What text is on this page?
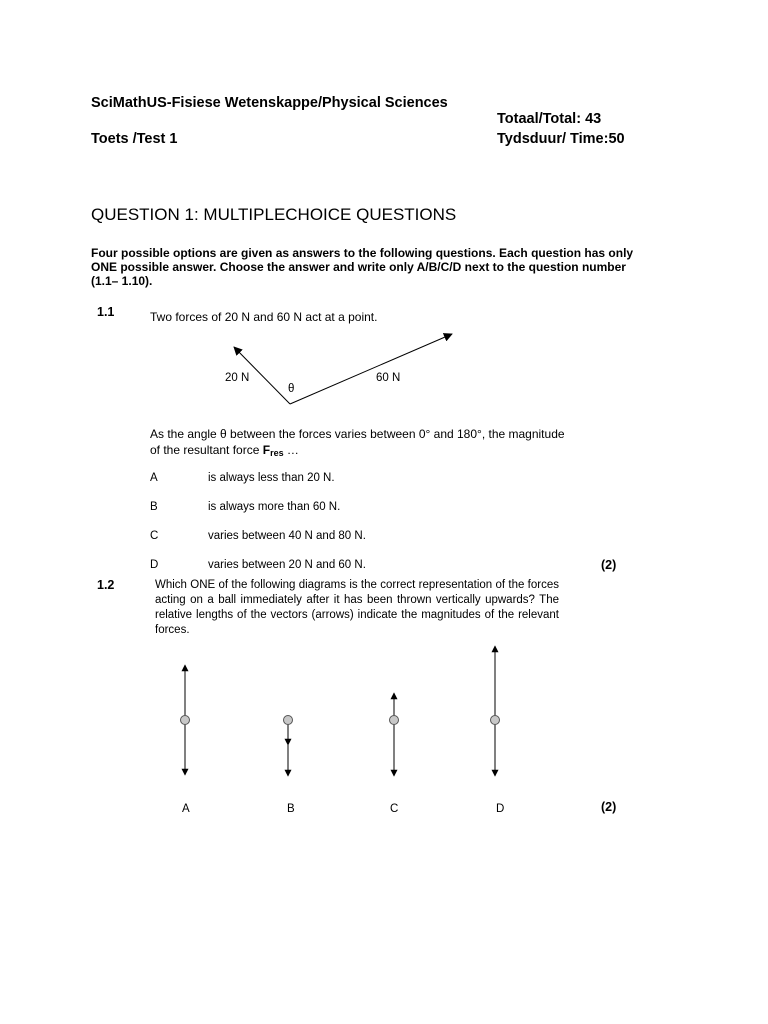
SciMathUS-Fisiese Wetenskappe/Physical Sciences
Totaal/Total: 43
Toets /Test 1	Tydsduur/ Time:50
QUESTION 1: MULTIPLECHOICE QUESTIONS
Four possible options are given as answers to the following questions. Each question has only ONE possible answer. Choose the answer and write only A/B/C/D next to the question number (1.1– 1.10).
1.1	Two forces of 20 N and 60 N act at a point.
20 N	60 N
θ
As the angle θ between the forces varies between 0° and 180°, the magnitude
of the resultant force Fres …
A	is always less than 20 N.
B	is always more than 60 N.
C	varies between 40 N and 80 N.
D	varies between 20 N and 60 N.	(2)
1.2	Which ONE of the following diagrams is the correct representation of the forces acting on a ball immediately after it has been thrown vertically upwards? The relative lengths of the vectors (arrows) indicate the magnitudes of the relevant forces.
A	B	C	D	(2)
